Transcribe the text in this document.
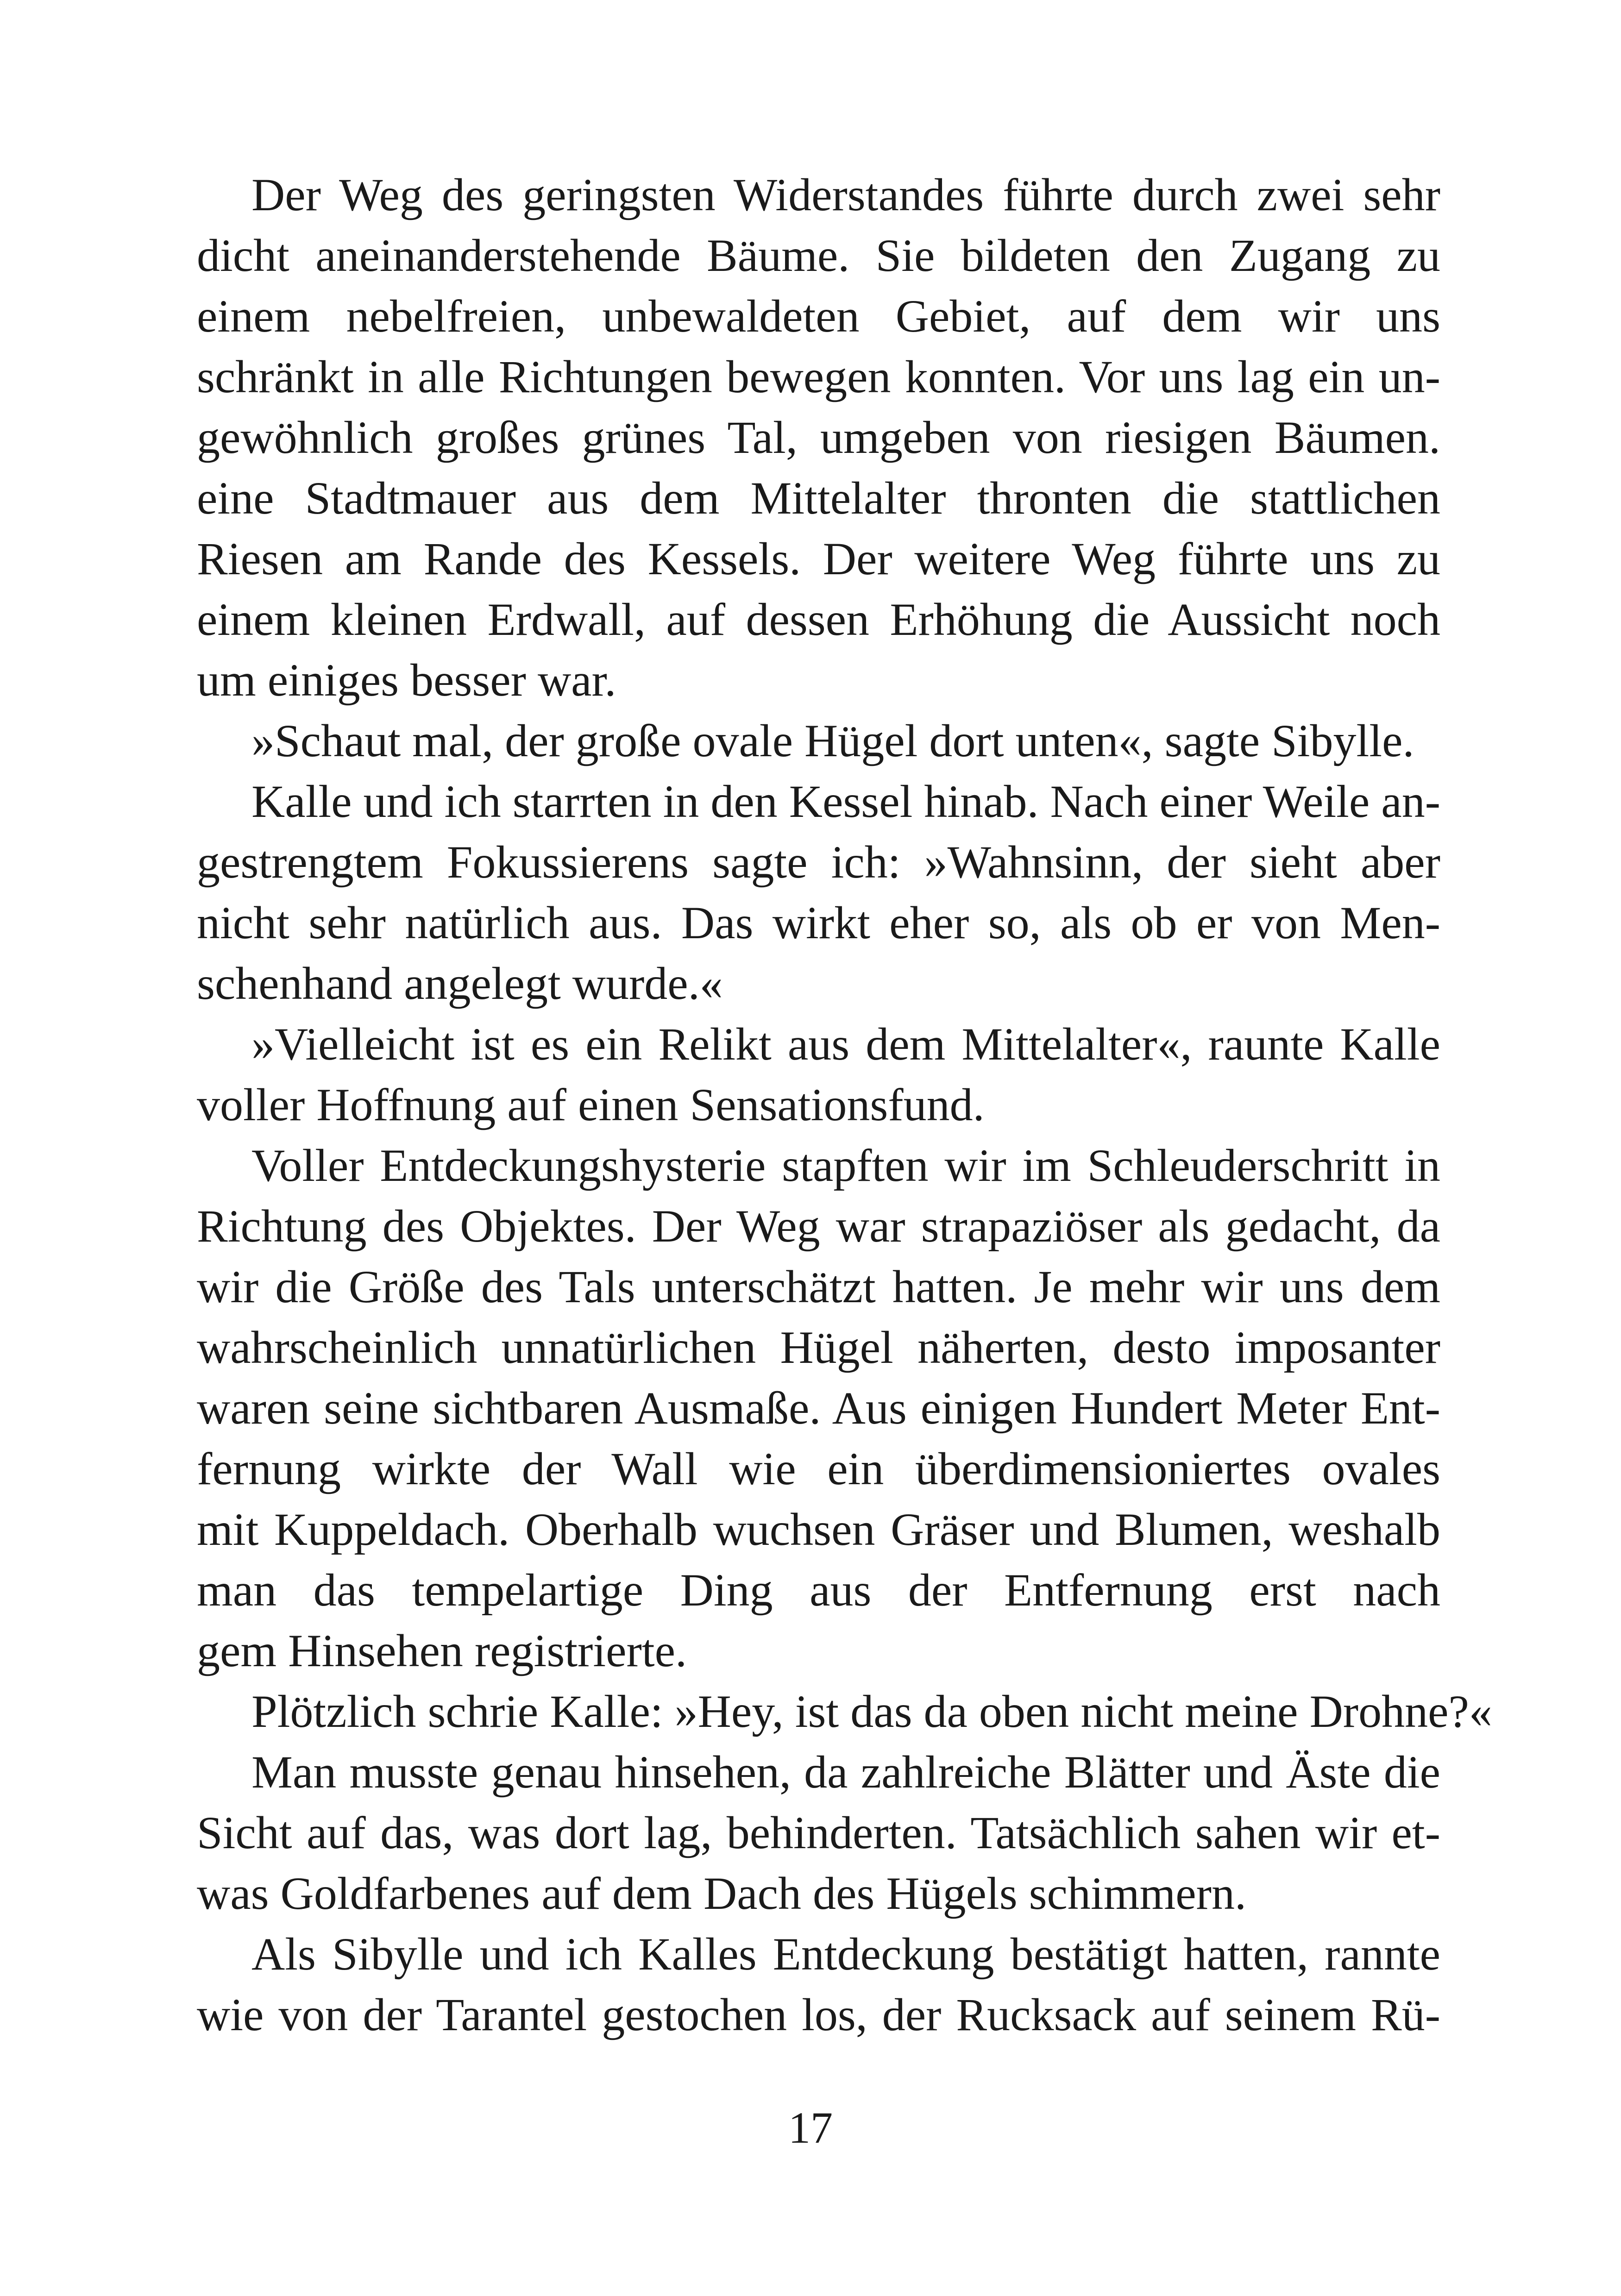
Der Weg des geringsten Widerstandes führte durch zwei sehr
dicht aneinanderstehende Bäume. Sie bildeten den Zugang zu
einem nebelfreien, unbewaldeten Gebiet, auf dem wir uns
schränkt in alle Richtungen bewegen konnten. Vor uns lag ein un-
gewöhnlich großes grünes Tal, umgeben von riesigen Bäumen.
eine Stadtmauer aus dem Mittelalter thronten die stattlichen
Riesen am Rande des Kessels. Der weitere Weg führte uns zu
einem kleinen Erdwall, auf dessen Erhöhung die Aussicht noch
um einiges besser war.
»Schaut mal, der große ovale Hügel dort unten«, sagte Sibylle.
Kalle und ich starrten in den Kessel hinab. Nach einer Weile an-
gestrengtem Fokussierens sagte ich: »Wahnsinn, der sieht aber
nicht sehr natürlich aus. Das wirkt eher so, als ob er von Men-
schenhand angelegt wurde.«
»Vielleicht ist es ein Relikt aus dem Mittelalter«, raunte Kalle
voller Hoffnung auf einen Sensationsfund.
Voller Entdeckungshysterie stapften wir im Schleuderschritt in
Richtung des Objektes. Der Weg war strapaziöser als gedacht, da
wir die Größe des Tals unterschätzt hatten. Je mehr wir uns dem
wahrscheinlich unnatürlichen Hügel näherten, desto imposanter
waren seine sichtbaren Ausmaße. Aus einigen Hundert Meter Ent-
fernung wirkte der Wall wie ein überdimensioniertes ovales
mit Kuppeldach. Oberhalb wuchsen Gräser und Blumen, weshalb
man das tempelartige Ding aus der Entfernung erst nach
gem Hinsehen registrierte.
Plötzlich schrie Kalle: »Hey, ist das da oben nicht meine Drohne?«
Man musste genau hinsehen, da zahlreiche Blätter und Äste die
Sicht auf das, was dort lag, behinderten. Tatsächlich sahen wir et-
was Goldfarbenes auf dem Dach des Hügels schimmern.
Als Sibylle und ich Kalles Entdeckung bestätigt hatten, rannte
wie von der Tarantel gestochen los, der Rucksack auf seinem Rü-
17
